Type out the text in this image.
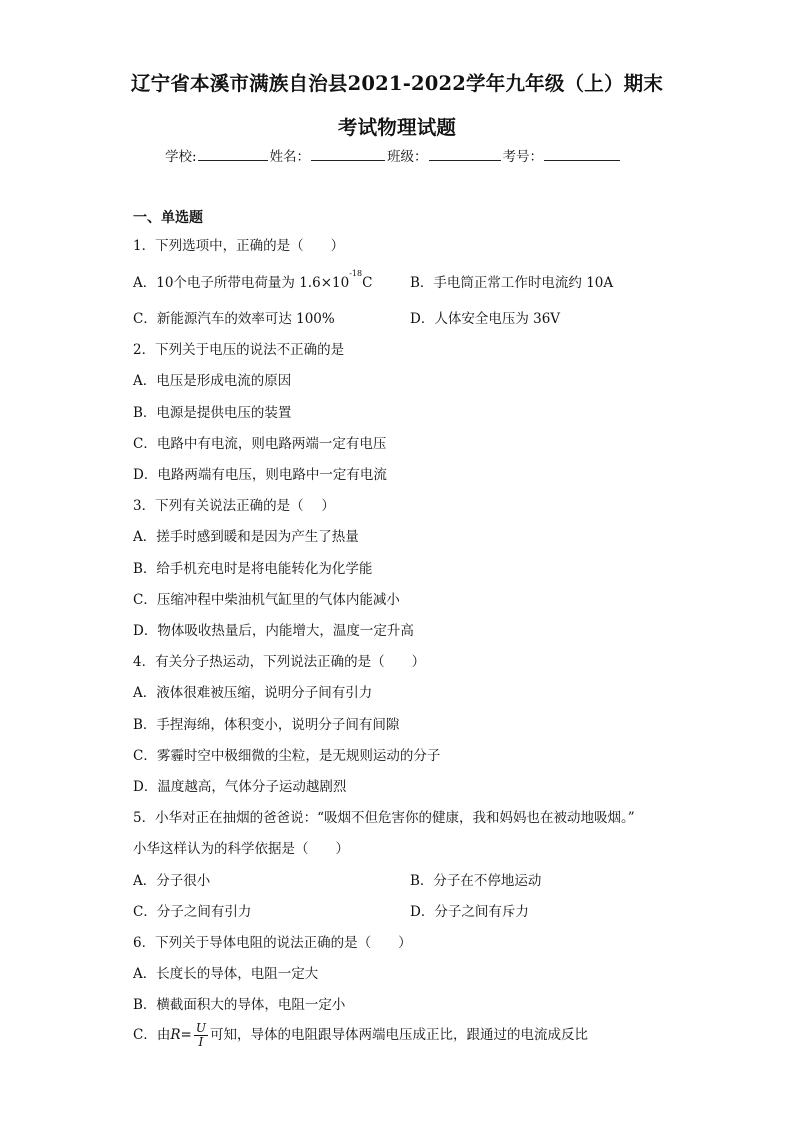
辽宁省本溪市满族自治县2021-2022学年九年级（上）期末
考试物理试题
学校:	姓名：	班级：	考号：
一、单选题
1．下列选项中，正确的是（　　）
A．10个电子所带电荷量为 $1.6\times 10^{-18}C$	B．手电筒正常工作时电流约 10A
C．新能源汽车的效率可达 100%	D．人体安全电压为 36V
2．下列关于电压的说法不正确的是
A．电压是形成电流的原因
B．电源是提供电压的装置
C．电路中有电流，则电路两端一定有电压
D．电路两端有电压，则电路中一定有电流
3．下列有关说法正确的是（　 ）
A．搓手时感到暖和是因为产生了热量
B．给手机充电时是将电能转化为化学能
C．压缩冲程中柴油机气缸里的气体内能减小
D．物体吸收热量后，内能增大，温度一定升高
4．有关分子热运动，下列说法正确的是（　　）
A．液体很难被压缩，说明分子间有引力
B．手捏海绵，体积变小，说明分子间有间隙
C．雾霾时空中极细微的尘粒，是无规则运动的分子
D．温度越高，气体分子运动越剧烈
5．小华对正在抽烟的爸爸说：“吸烟不但危害你的健康，我和妈妈也在被动地吸烟。”
小华这样认为的科学依据是（　　）
A．分子很小	B．分子在不停地运动
C．分子之间有引力	D．分子之间有斥力
6．下列关于导体电阻的说法正确的是（　　）
A．长度长的导体，电阻一定大
B．横截面积大的导体，电阻一定小
C．由$R= \frac{U}{I}$ 可知，导体的电阻跟导体两端电压成正比，跟通过的电流成反比
